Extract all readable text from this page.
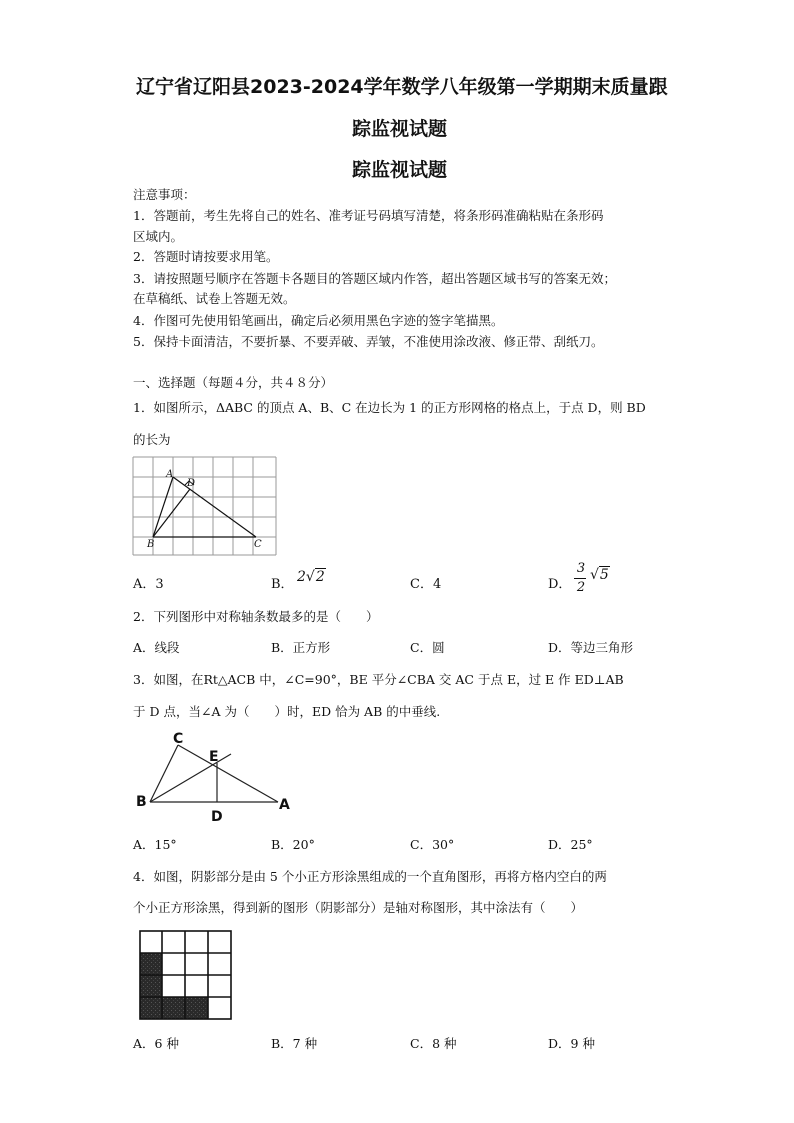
辽宁省辽阳县2023-2024学年数学八年级第一学期期末质量跟
踪监视试题
踪监视试题
注意事项：
1．答题前，考生先将自己的姓名、准考证号码填写清楚，将条形码准确粘贴在条形码
区域内。
2．答题时请按要求用笔。
3．请按照题号顺序在答题卡各题目的答题区域内作答，超出答题区域书写的答案无效；
在草稿纸、试卷上答题无效。
4．作图可先使用铅笔画出，确定后必须用黑色字迹的签字笔描黑。
5．保持卡面清洁，不要折暴、不要弄破、弄皱，不准使用涂改液、修正带、刮纸刀。
一、选择题（每题４分，共４８分）
1．如图所示，ΔABC 的顶点 A、B、C 在边长为 1 的正方形网格的格点上，于点 D，则 BD
的长为
A
D
B	C
A．3	B． 2√2	C．4	D．
3
2
√5
2．下列图形中对称轴条数最多的是（　　）
A．线段	B．正方形	C．圆	D．等边三角形
3．如图，在Rt△ACB 中，∠C=90°，BE 平分∠CBA 交 AC 于点 E，过 E 作 ED⊥AB
于 D 点，当∠A 为（　　）时，ED 恰为 AB 的中垂线.
C
E
B	A
D
A．15°	B．20°	C．30°	D．25°
4．如图，阴影部分是由 5 个小正方形涂黑组成的一个直角图形，再将方格内空白的两
个小正方形涂黑，得到新的图形（阴影部分）是轴对称图形，其中涂法有（　　）
A．6 种	B．7 种	C．8 种	D．9 种
